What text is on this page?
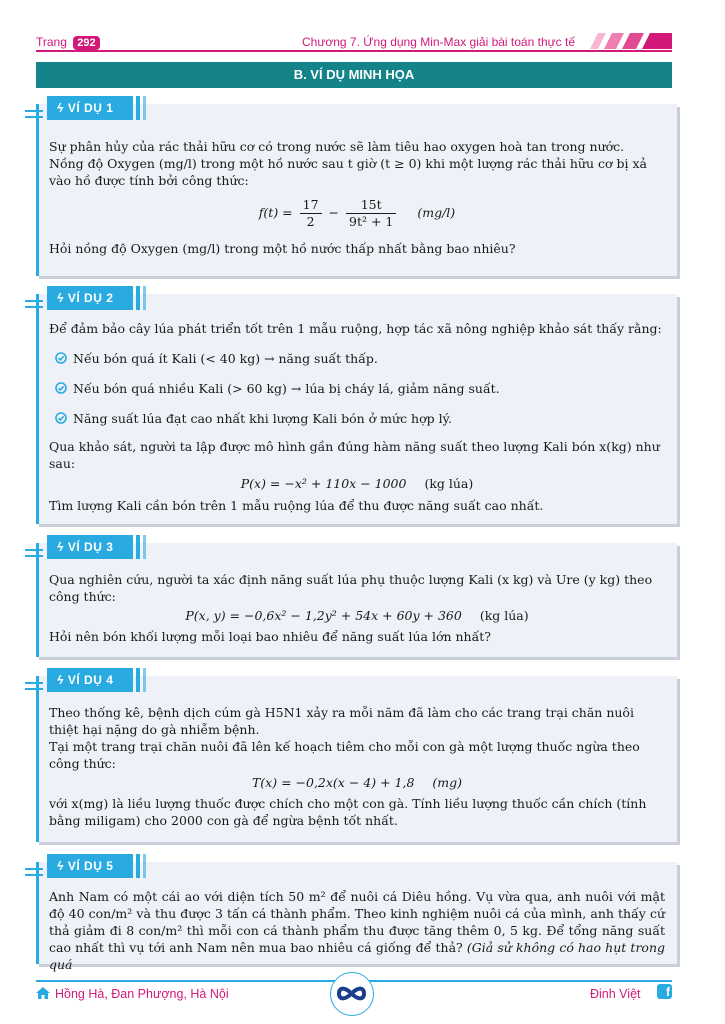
Trang 292	Chương 7. Ứng dụng Min-Max giải bài toán thực tế
B. VÍ DỤ MINH HỌA
ϟ VÍ DỤ 1

Sự phân hủy của rác thải hữu cơ có trong nước sẽ làm tiêu hao oxygen hoà tan trong nước.

Nồng độ Oxygen (mg/l) trong một hồ nước sau t giờ (t ≥ 0) khi một lượng rác thải hữu cơ bị xả vào hồ được tính bởi công thức:

$f(t) = \frac{17}{2} - \frac{15t}{\text{9t² + 1}} (mg/l)$

Hỏi nồng độ Oxygen (mg/l) trong một hồ nước thấp nhất bằng bao nhiêu?

ϟ VÍ DỤ 2

Để đảm bảo cây lúa phát triển tốt trên 1 mẫu ruộng, hợp tác xã nông nghiệp khảo sát thấy rằng:

Nếu bón quá ít Kali (< 40 kg) → năng suất thấp.
Nếu bón quá nhiều Kali (> 60 kg) → lúa bị cháy lá, giảm năng suất.
Năng suất lúa đạt cao nhất khi lượng Kali bón ở mức hợp lý.

Qua khảo sát, người ta lập được mô hình gần đúng hàm năng suất theo lượng Kali bón x(kg) như sau:

P(x) = −x² + 110x − 1000 (kg lúa)

Tìm lượng Kali cần bón trên 1 mẫu ruộng lúa để thu được năng suất cao nhất.

ϟ VÍ DỤ 3

Qua nghiên cứu, người ta xác định năng suất lúa phụ thuộc lượng Kali (x kg) và Ure (y kg) theo công thức:

P(x, y) = −0,6x² − 1,2y² + 54x + 60y + 360 (kg lúa)

Hỏi nên bón khối lượng mỗi loại bao nhiêu để năng suất lúa lớn nhất?

ϟ VÍ DỤ 4

Theo thống kê, bệnh dịch cúm gà H5N1 xảy ra mỗi năm đã làm cho các trang trại chăn nuôi thiệt hại nặng do gà nhiễm bệnh.

Tại một trang trại chăn nuôi đã lên kế hoạch tiêm cho mỗi con gà một lượng thuốc ngừa theo công thức:

T(x) = −0,2x(x − 4) + 1,8 (mg)

với x(mg) là liều lượng thuốc được chích cho một con gà. Tính liều lượng thuốc cần chích (tính bằng miligam) cho 2000 con gà để ngừa bệnh tốt nhất.

ϟ VÍ DỤ 5

Anh Nam có một cái ao với diện tích 50 m² để nuôi cá Diêu hồng. Vụ vừa qua, anh nuôi với mật độ 40 con/m² và thu được 3 tấn cá thành phẩm. Theo kinh nghiệm nuôi cá của mình, anh thấy cứ thả giảm đi 8 con/m² thì mỗi con cá thành phẩm thu được tăng thêm 0, 5 kg. Để tổng năng suất cao nhất thì vụ tới anh Nam nên mua bao nhiêu cá giống để thả? (Giả sử không có hao hụt trong quá

Hồng Hà, Đan Phượng, Hà Nội	Đinh Việt	f
